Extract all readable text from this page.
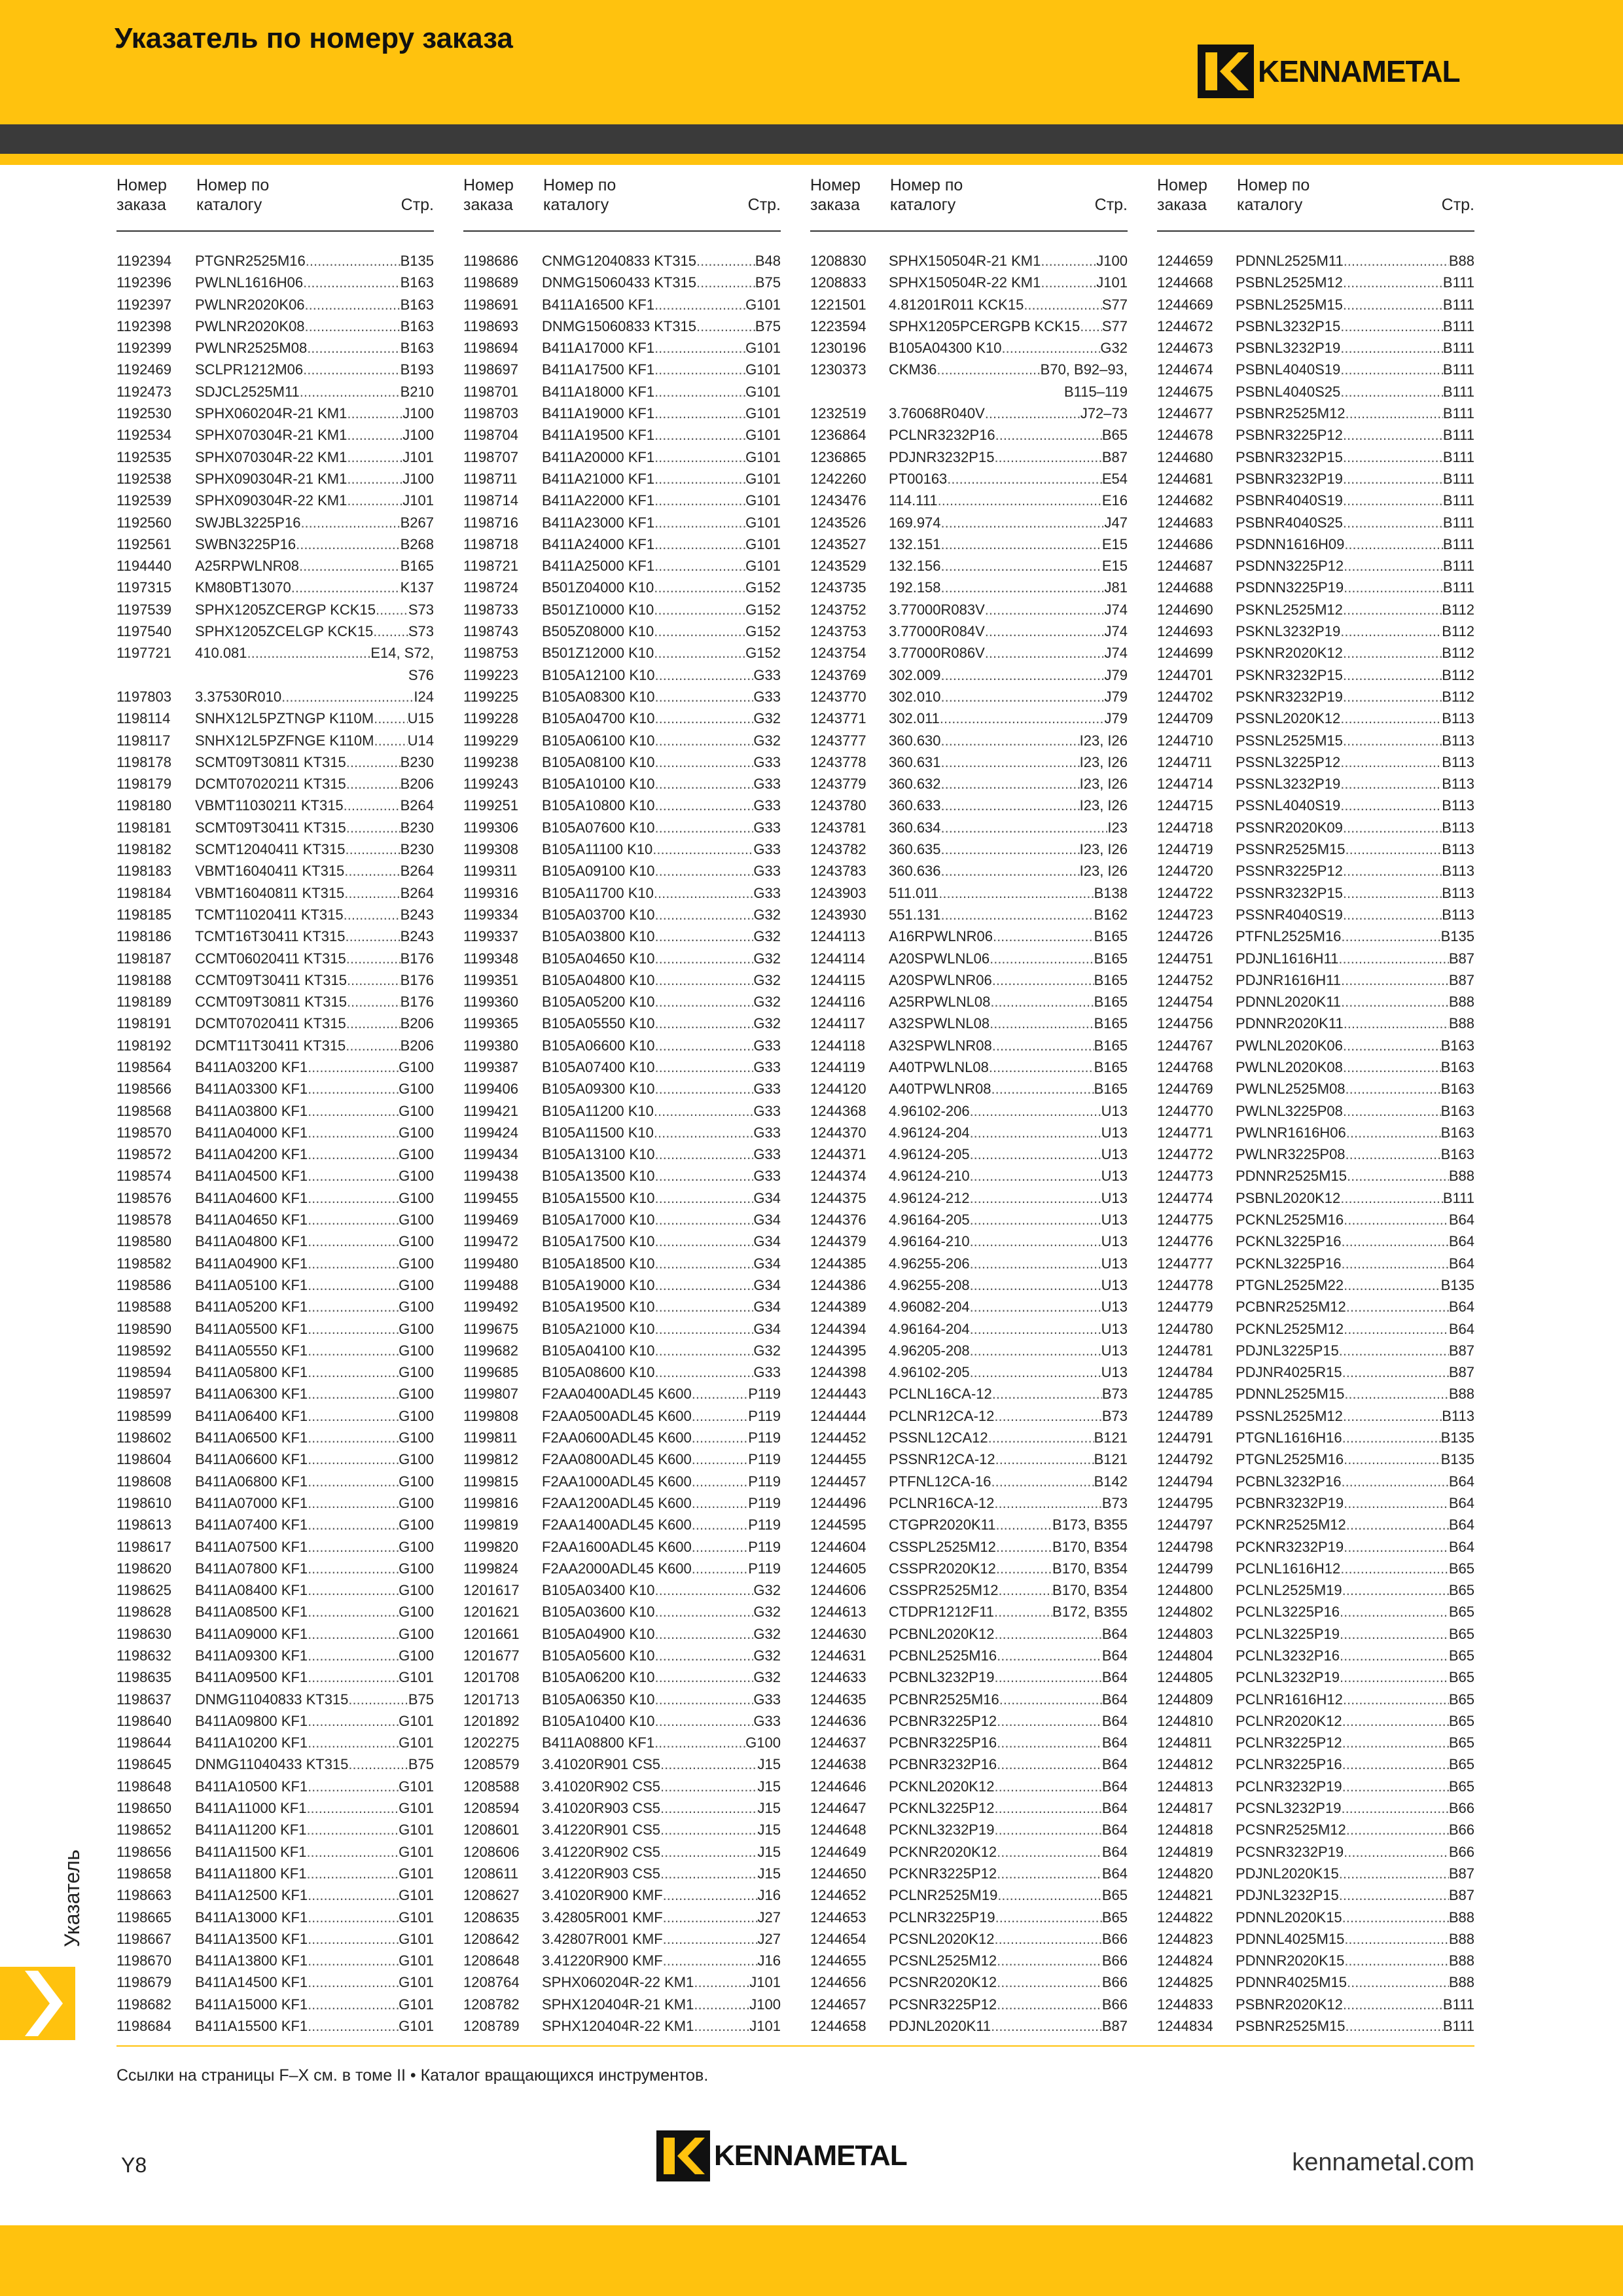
Указатель по номеру заказа
KENNAMETAL
Номер
заказа
Номер по
каталогу	Стр.
1192394	PTGNR2525M16 .....	B135
1192396	PWLNL1616H06 .....	B163
1192397	PWLNR2020K06 .....	B163
1192398	PWLNR2020K08 .....	B163
1192399	PWLNR2525M08 .....	B163
1192469	SCLPR1212M06 .....	B193
1192473	SDJCL2525M11 .....	B210
1192530	SPHX060204R-21 KM1 .....	J100
1192534	SPHX070304R-21 KM1 .....	J100
1192535	SPHX070304R-22 KM1 .....	J101
1192538	SPHX090304R-21 KM1 .....	J100
1192539	SPHX090304R-22 KM1 .....	J101
1192560	SWJBL3225P16 .....	B267
1192561	SWBN3225P16 .....	B268
1194440	A25RPWLNR08 .....	B165
1197315	KM80BT13070 .....	K137
1197539	SPHX1205ZCERGP KCK15 ..... S73
1197540	SPHX1205ZCELGP KCK15 ..... S73
1197721	410.081 .....	E14, S72,
S76
1197803	3.37530R010 .....	I24
1198114	SNHX12L5PZTNGP K110M ..... U15
1198117	SNHX12L5PZFNGE K110M ..... U14
1198178	SCMT09T30811 KT315 .....	B230
1198179	DCMT07020211 KT315 .....	B206
1198180	VBMT11030211 KT315 .....	B264
1198181	SCMT09T30411 KT315 .....	B230
1198182	SCMT12040411 KT315 .....	B230
1198183	VBMT16040411 KT315 .....	B264
1198184	VBMT16040811 KT315 .....	B264
1198185	TCMT11020411 KT315 .....	B243
1198186	TCMT16T30411 KT315 .....	B243
1198187	CCMT06020411 KT315 .....	B176
1198188	CCMT09T30411 KT315 .....	B176
1198189	CCMT09T30811 KT315 .....	B176
1198191	DCMT07020411 KT315 .....	B206
1198192	DCMT11T30411 KT315 .....	B206
1198564	B411A03200 KF1 .....	G100
1198566	B411A03300 KF1 .....	G100
1198568	B411A03800 KF1 .....	G100
1198570	B411A04000 KF1 .....	G100
1198572	B411A04200 KF1 .....	G100
1198574	B411A04500 KF1 .....	G100
1198576	B411A04600 KF1 .....	G100
1198578	B411A04650 KF1 .....	G100
1198580	B411A04800 KF1 .....	G100
1198582	B411A04900 KF1 .....	G100
1198586	B411A05100 KF1 .....	G100
1198588	B411A05200 KF1 .....	G100
1198590	B411A05500 KF1 .....	G100
1198592	B411A05550 KF1 .....	G100
1198594	B411A05800 KF1 .....	G100
1198597	B411A06300 KF1 .....	G100
1198599	B411A06400 KF1 .....	G100
1198602	B411A06500 KF1 .....	G100
1198604	B411A06600 KF1 .....	G100
1198608	B411A06800 KF1 .....	G100
1198610	B411A07000 KF1 .....	G100
1198613	B411A07400 KF1 .....	G100
1198617	B411A07500 KF1 .....	G100
1198620	B411A07800 KF1 .....	G100
1198625	B411A08400 KF1 .....	G100
1198628	B411A08500 KF1 .....	G100
1198630	B411A09000 KF1 .....	G100
1198632	B411A09300 KF1 .....	G100
1198635	B411A09500 KF1 .....	G101
1198637	DNMG11040833 KT315 .....	B75
1198640	B411A09800 KF1 .....	G101
1198644	B411A10200 KF1 .....	G101
1198645	DNMG11040433 KT315 .....	B75
1198648	B411A10500 KF1 .....	G101
1198650	B411A11000 KF1 .....	G101
1198652	B411A11200 KF1 .....	G101
1198656	B411A11500 KF1 .....	G101
1198658	B411A11800 KF1 .....	G101
1198663	B411A12500 KF1 .....	G101
1198665	B411A13000 KF1 .....	G101
1198667	B411A13500 KF1 .....	G101
1198670	B411A13800 KF1 .....	G101
1198679	B411A14500 KF1 .....	G101
1198682	B411A15000 KF1 .....	G101
1198684	B411A15500 KF1 .....	G101
Номер
заказа
Номер по
каталогу	Стр.
1198686	CNMG12040833 KT315 .....	B48
1198689	DNMG15060433 KT315 .....	B75
1198691	B411A16500 KF1 .....	G101
1198693	DNMG15060833 KT315 .....	B75
1198694	B411A17000 KF1 .....	G101
1198697	B411A17500 KF1 .....	G101
1198701	B411A18000 KF1 .....	G101
1198703	B411A19000 KF1 .....	G101
1198704	B411A19500 KF1 .....	G101
1198707	B411A20000 KF1 .....	G101
1198711	B411A21000 KF1 .....	G101
1198714	B411A22000 KF1 .....	G101
1198716	B411A23000 KF1 .....	G101
1198718	B411A24000 KF1 .....	G101
1198721	B411A25000 KF1 .....	G101
1198724	B501Z04000 K10 .....	G152
1198733	B501Z10000 K10 .....	G152
1198743	B505Z08000 K10 .....	G152
1198753	B501Z12000 K10 .....	G152
1199223	B105A12100 K10 .....	G33
1199225	B105A08300 K10 .....	G33
1199228	B105A04700 K10 .....	G32
1199229	B105A06100 K10 .....	G32
1199238	B105A08100 K10 .....	G33
1199243	B105A10100 K10 .....	G33
1199251	B105A10800 K10 .....	G33
1199306	B105A07600 K10 .....	G33
1199308	B105A11100 K10 .....	G33
1199311	B105A09100 K10 .....	G33
1199316	B105A11700 K10 .....	G33
1199334	B105A03700 K10 .....	G32
1199337	B105A03800 K10 .....	G32
1199348	B105A04650 K10 .....	G32
1199351	B105A04800 K10 .....	G32
1199360	B105A05200 K10 .....	G32
1199365	B105A05550 K10 .....	G32
1199380	B105A06600 K10 .....	G33
1199387	B105A07400 K10 .....	G33
1199406	B105A09300 K10 .....	G33
1199421	B105A11200 K10 .....	G33
1199424	B105A11500 K10 .....	G33
1199434	B105A13100 K10 .....	G33
1199438	B105A13500 K10 .....	G33
1199455	B105A15500 K10 .....	G34
1199469	B105A17000 K10 .....	G34
1199472	B105A17500 K10 .....	G34
1199480	B105A18500 K10 .....	G34
1199488	B105A19000 K10 .....	G34
1199492	B105A19500 K10 .....	G34
1199675	B105A21000 K10 .....	G34
1199682	B105A04100 K10 .....	G32
1199685	B105A08600 K10 .....	G33
1199807	F2AA0400ADL45 K600 .....	P119
1199808	F2AA0500ADL45 K600 .....	P119
1199811	F2AA0600ADL45 K600 .....	P119
1199812	F2AA0800ADL45 K600 .....	P119
1199815	F2AA1000ADL45 K600 .....	P119
1199816	F2AA1200ADL45 K600 .....	P119
1199819	F2AA1400ADL45 K600 .....	P119
1199820	F2AA1600ADL45 K600 .....	P119
1199824	F2AA2000ADL45 K600 .....	P119
1201617	B105A03400 K10 .....	G32
1201621	B105A03600 K10 .....	G32
1201661	B105A04900 K10 .....	G32
1201677	B105A05600 K10 .....	G32
1201708	B105A06200 K10 .....	G32
1201713	B105A06350 K10 .....	G33
1201892	B105A10400 K10 .....	G33
1202275	B411A08800 KF1 .....	G100
1208579	3.41020R901 CS5 .....	J15
1208588	3.41020R902 CS5 .....	J15
1208594	3.41020R903 CS5 .....	J15
1208601	3.41220R901 CS5 .....	J15
1208606	3.41220R902 CS5 .....	J15
1208611	3.41220R903 CS5 .....	J15
1208627	3.41020R900 KMF .....	J16
1208635	3.42805R001 KMF .....	J27
1208642	3.42807R001 KMF .....	J27
1208648	3.41220R900 KMF .....	J16
1208764	SPHX060204R-22 KM1 .....	J101
1208782	SPHX120404R-21 KM1 .....	J100
1208789	SPHX120404R-22 KM1 .....	J101
Номер
заказа
Номер по
каталогу	Стр.
1208830	SPHX150504R-21 KM1 .....	J100
1208833	SPHX150504R-22 KM1 .....	J101
1221501	4.81201R011 KCK15 .....	S77
1223594	SPHX1205PCERGPB KCK15 ..... S77
1230196	B105A04300 K10 .....	G32
1230373	CKM36 .....	B70, B92–93,
B115–119
1232519	3.76068R040V .....	J72–73
1236864	PCLNR3232P16 .....	B65
1236865	PDJNR3232P15 .....	B87
1242260	PT00163 .....	E54
1243476	114.111 .....	E16
1243526	169.974 .....	J47
1243527	132.151 .....	E15
1243529	132.156 .....	E15
1243735	192.158 .....	J81
1243752	3.77000R083V .....	J74
1243753	3.77000R084V .....	J74
1243754	3.77000R086V .....	J74
1243769	302.009 .....	J79
1243770	302.010 .....	J79
1243771	302.011 .....	J79
1243777	360.630 .....	I23, I26
1243778	360.631 .....	I23, I26
1243779	360.632 .....	I23, I26
1243780	360.633 .....	I23, I26
1243781	360.634 .....	I23
1243782	360.635 .....	I23, I26
1243783	360.636 .....	I23, I26
1243903	511.011 .....	B138
1243930	551.131 .....	B162
1244113	A16RPWLNR06 .....	B165
1244114	A20SPWLNL06 .....	B165
1244115	A20SPWLNR06 .....	B165
1244116	A25RPWLNL08 .....	B165
1244117	A32SPWLNL08 .....	B165
1244118	A32SPWLNR08 .....	B165
1244119	A40TPWLNL08 .....	B165
1244120	A40TPWLNR08 .....	B165
1244368	4.96102-206 .....	U13
1244370	4.96124-204 .....	U13
1244371	4.96124-205 .....	U13
1244374	4.96124-210 .....	U13
1244375	4.96124-212 .....	U13
1244376	4.96164-205 .....	U13
1244379	4.96164-210 .....	U13
1244385	4.96255-206 .....	U13
1244386	4.96255-208 .....	U13
1244389	4.96082-204 .....	U13
1244394	4.96164-204 .....	U13
1244395	4.96205-208 .....	U13
1244398	4.96102-205 .....	U13
1244443	PCLNL16CA-12 .....	B73
1244444	PCLNR12CA-12 .....	B73
1244452	PSSNL12CA12 .....	B121
1244455	PSSNR12CA-12 .....	B121
1244457	PTFNL12CA-16 .....	B142
1244496	PCLNR16CA-12 .....	B73
1244595	CTGPR2020K11 .....	B173, B355
1244604	CSSPL2525M12 .....	B170, B354
1244605	CSSPR2020K12 .....	B170, B354
1244606	CSSPR2525M12 .....	B170, B354
1244613	CTDPR1212F11 .....	B172, B355
1244630	PCBNL2020K12 .....	B64
1244631	PCBNL2525M16 .....	B64
1244633	PCBNL3232P19 .....	B64
1244635	PCBNR2525M16 .....	B64
1244636	PCBNR3225P12 .....	B64
1244637	PCBNR3225P16 .....	B64
1244638	PCBNR3232P16 .....	B64
1244646	PCKNL2020K12 .....	B64
1244647	PCKNL3225P12 .....	B64
1244648	PCKNL3232P19 .....	B64
1244649	PCKNR2020K12 .....	B64
1244650	PCKNR3225P12 .....	B64
1244652	PCLNR2525M19 .....	B65
1244653	PCLNR3225P19 .....	B65
1244654	PCSNL2020K12 .....	B66
1244655	PCSNL2525M12 .....	B66
1244656	PCSNR2020K12 .....	B66
1244657	PCSNR3225P12 .....	B66
1244658	PDJNL2020K11 .....	B87
Номер
заказа
Номер по
каталогу	Стр.
1244659	PDNNL2525M11 .....	B88
1244668	PSBNL2525M12 .....	B111
1244669	PSBNL2525M15 .....	B111
1244672	PSBNL3232P15 .....	B111
1244673	PSBNL3232P19 .....	B111
1244674	PSBNL4040S19 .....	B111
1244675	PSBNL4040S25 .....	B111
1244677	PSBNR2525M12 .....	B111
1244678	PSBNR3225P12 .....	B111
1244680	PSBNR3232P15 .....	B111
1244681	PSBNR3232P19 .....	B111
1244682	PSBNR4040S19 .....	B111
1244683	PSBNR4040S25 .....	B111
1244686	PSDNN1616H09 .....	B111
1244687	PSDNN3225P12 .....	B111
1244688	PSDNN3225P19 .....	B111
1244690	PSKNL2525M12 .....	B112
1244693	PSKNL3232P19 .....	B112
1244699	PSKNR2020K12 .....	B112
1244701	PSKNR3232P15 .....	B112
1244702	PSKNR3232P19 .....	B112
1244709	PSSNL2020K12 .....	B113
1244710	PSSNL2525M15 .....	B113
1244711	PSSNL3225P12 .....	B113
1244714	PSSNL3232P19 .....	B113
1244715	PSSNL4040S19 .....	B113
1244718	PSSNR2020K09 .....	B113
1244719	PSSNR2525M15 .....	B113
1244720	PSSNR3225P12 .....	B113
1244722	PSSNR3232P15 .....	B113
1244723	PSSNR4040S19 .....	B113
1244726	PTFNL2525M16 .....	B135
1244751	PDJNL1616H11 .....	B87
1244752	PDJNR1616H11 .....	B87
1244754	PDNNL2020K11 .....	B88
1244756	PDNNR2020K11 .....	B88
1244767	PWLNL2020K06 .....	B163
1244768	PWLNL2020K08 .....	B163
1244769	PWLNL2525M08 .....	B163
1244770	PWLNL3225P08 .....	B163
1244771	PWLNR1616H06 .....	B163
1244772	PWLNR3225P08 .....	B163
1244773	PDNNR2525M15 .....	B88
1244774	PSBNL2020K12 .....	B111
1244775	PCKNL2525M16 .....	B64
1244776	PCKNL3225P16 .....	B64
1244777	PCKNL3225P16 .....	B64
1244778	PTGNL2525M22 .....	B135
1244779	PCBNR2525M12 .....	B64
1244780	PCKNL2525M12 .....	B64
1244781	PDJNL3225P15 .....	B87
1244784	PDJNR4025R15 .....	B87
1244785	PDNNL2525M15 .....	B88
1244789	PSSNL2525M12 .....	B113
1244791	PTGNL1616H16 .....	B135
1244792	PTGNL2525M16 .....	B135
1244794	PCBNL3232P16 .....	B64
1244795	PCBNR3232P19 .....	B64
1244797	PCKNR2525M12 .....	B64
1244798	PCKNR3232P19 .....	B64
1244799	PCLNL1616H12 .....	B65
1244800	PCLNL2525M19 .....	B65
1244802	PCLNL3225P16 .....	B65
1244803	PCLNL3225P19 .....	B65
1244804	PCLNL3232P16 .....	B65
1244805	PCLNL3232P19 .....	B65
1244809	PCLNR1616H12 .....	B65
1244810	PCLNR2020K12 .....	B65
1244811	PCLNR3225P12 .....	B65
1244812	PCLNR3225P16 .....	B65
1244813	PCLNR3232P19 .....	B65
1244817	PCSNL3232P19 .....	B66
1244818	PCSNR2525M12 .....	B66
1244819	PCSNR3232P19 .....	B66
1244820	PDJNL2020K15 .....	B87
1244821	PDJNL3232P15 .....	B87
1244822	PDNNL2020K15 .....	B88
1244823	PDNNL4025M15 .....	B88
1244824	PDNNR2020K15 .....	B88
1244825	PDNNR4025M15 .....	B88
1244833	PSBNR2020K12 .....	B111
1244834	PSBNR2525M15 .....	B111
Ссылки на страницы F–X см. в томе II • Каталог вращающихся инструментов.
Указатель
Y8	KENNAMETAL	kennametal.com
